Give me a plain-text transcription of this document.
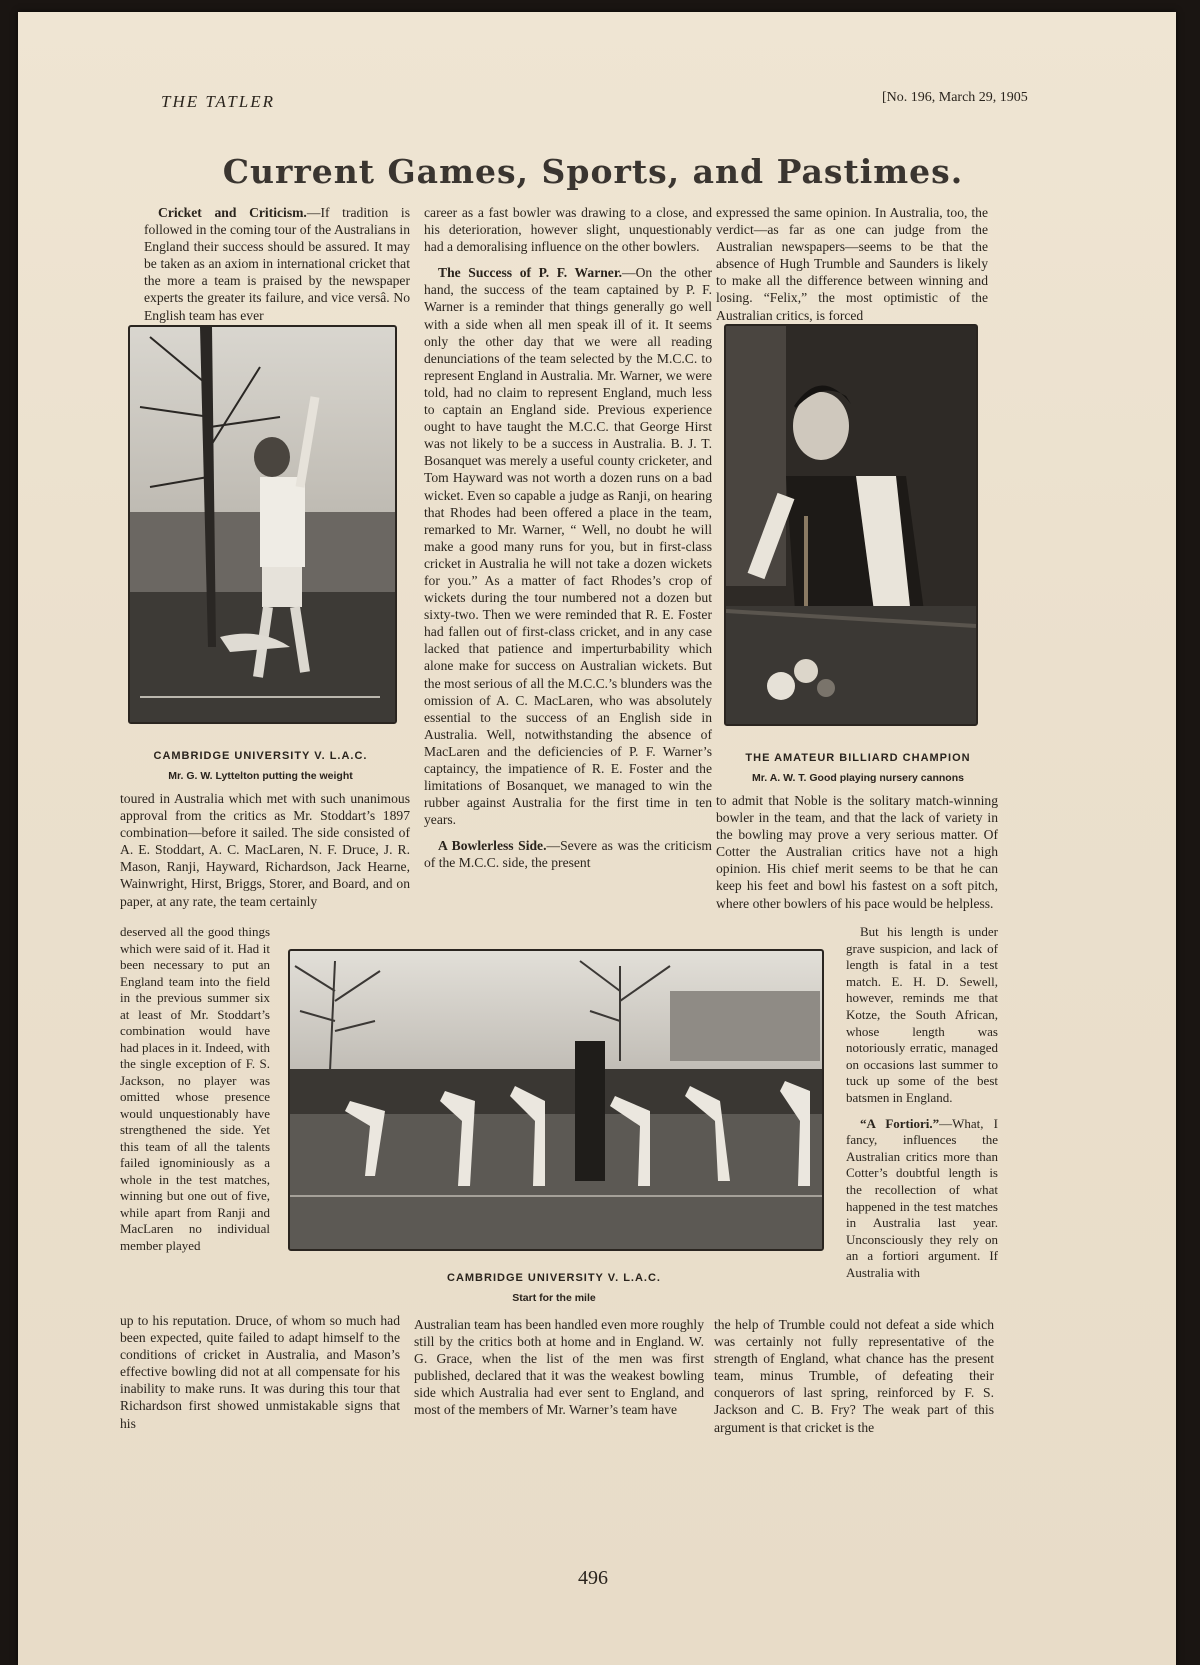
THE TATLER	[No. 196, March 29, 1905
Current Games, Sports, and Pastimes.

Cricket and Criticism.—If tradition is followed in the coming tour of the Australians in England their success should be assured. It may be taken as an axiom in international cricket that the more a team is praised by the newspaper experts the greater its failure, and vice versâ. No English team has ever

CAMBRIDGE UNIVERSITY V. L.A.C.
Mr. G. W. Lyttelton putting the weight

career as a fast bowler was drawing to a close, and his deterioration, however slight, unquestionably had a demoralising influence on the other bowlers.

The Success of P. F. Warner.—On the other hand, the success of the team captained by P. F. Warner is a reminder that things generally go well with a side when all men speak ill of it. It seems only the other day that we were all reading denunciations of the team selected by the M.C.C. to represent England in Australia. Mr. Warner, we were told, had no claim to represent England, much less to captain an England side. Previous experience ought to have taught the M.C.C. that George Hirst was not likely to be a success in Australia. B. J. T. Bosanquet was merely a useful county cricketer, and Tom Hayward was not worth a dozen runs on a bad wicket. Even so capable a judge as Ranji, on hearing that Rhodes had been offered a place in the team, remarked to Mr. Warner, “ Well, no doubt he will make a good many runs for you, but in first-class cricket in Australia he will not take a dozen wickets for you.” As a matter of fact Rhodes’s crop of wickets during the tour numbered not a dozen but sixty-two. Then we were reminded that R. E. Foster had fallen out of first-class cricket, and in any case lacked that patience and imperturbability which alone make for success on Australian wickets. But the most serious of all the M.C.C.’s blunders was the omission of A. C. MacLaren, who was absolutely essential to the success of an English side in Australia. Well, notwithstanding the absence of MacLaren and the deficiencies of P. F. Warner’s captaincy, the impatience of R. E. Foster and the limitations of Bosanquet, we managed to win the rubber against Australia for the first time in ten years.

A Bowlerless Side.—Severe as was the criticism of the M.C.C. side, the present

expressed the same opinion. In Australia, too, the verdict—as far as one can judge from the Australian newspapers—seems to be that the absence of Hugh Trumble and Saunders is likely to make all the difference between winning and losing. “Felix,” the most optimistic of the Australian critics, is forced

THE AMATEUR BILLIARD CHAMPION
Mr. A. W. T. Good playing nursery cannons

toured in Australia which met with such unanimous approval from the critics as Mr. Stoddart’s 1897 combination—before it sailed. The side consisted of A. E. Stoddart, A. C. MacLaren, N. F. Druce, J. R. Mason, Ranji, Hayward, Richardson, Jack Hearne, Wainwright, Hirst, Briggs, Storer, and Board, and on paper, at any rate, the team certainly

deserved all the good things which were said of it. Had it been necessary to put an England team into the field in the previous summer six at least of Mr. Stoddart’s combination would have had places in it. Indeed, with the single exception of F. S. Jackson, no player was omitted whose presence would unquestionably have strengthened the side. Yet this team of all the talents failed ignominiously as a whole in the test matches, winning but one out of five, while apart from Ranji and MacLaren no individual member played

up to his reputation. Druce, of whom so much had been expected, quite failed to adapt himself to the conditions of cricket in Australia, and Mason’s effective bowling did not at all compensate for his inability to make runs. It was during this tour that Richardson first showed unmistakable signs that his

CAMBRIDGE UNIVERSITY V. L.A.C.
Start for the mile

Australian team has been handled even more roughly still by the critics both at home and in England. W. G. Grace, when the list of the men was first published, declared that it was the weakest bowling side which Australia had ever sent to England, and most of the members of Mr. Warner’s team have

to admit that Noble is the solitary match-winning bowler in the team, and that the lack of variety in the bowling may prove a very serious matter. Of Cotter the Australian critics have not a high opinion. His chief merit seems to be that he can keep his feet and bowl his fastest on a soft pitch, where other bowlers of his pace would be helpless.

But his length is under grave suspicion, and lack of length is fatal in a test match. E. H. D. Sewell, however, reminds me that Kotze, the South African, whose length was notoriously erratic, managed on occasions last summer to tuck up some of the best batsmen in England.

“A Fortiori.”—What, I fancy, influences the Australian critics more than Cotter’s doubtful length is the recollection of what happened in the test matches in Australia last year. Unconsciously they rely on an a fortiori argument. If Australia with

the help of Trumble could not defeat a side which was certainly not fully representative of the strength of England, what chance has the present team, minus Trumble, of defeating their conquerors of last spring, reinforced by F. S. Jackson and C. B. Fry? The weak part of this argument is that cricket is the

496
